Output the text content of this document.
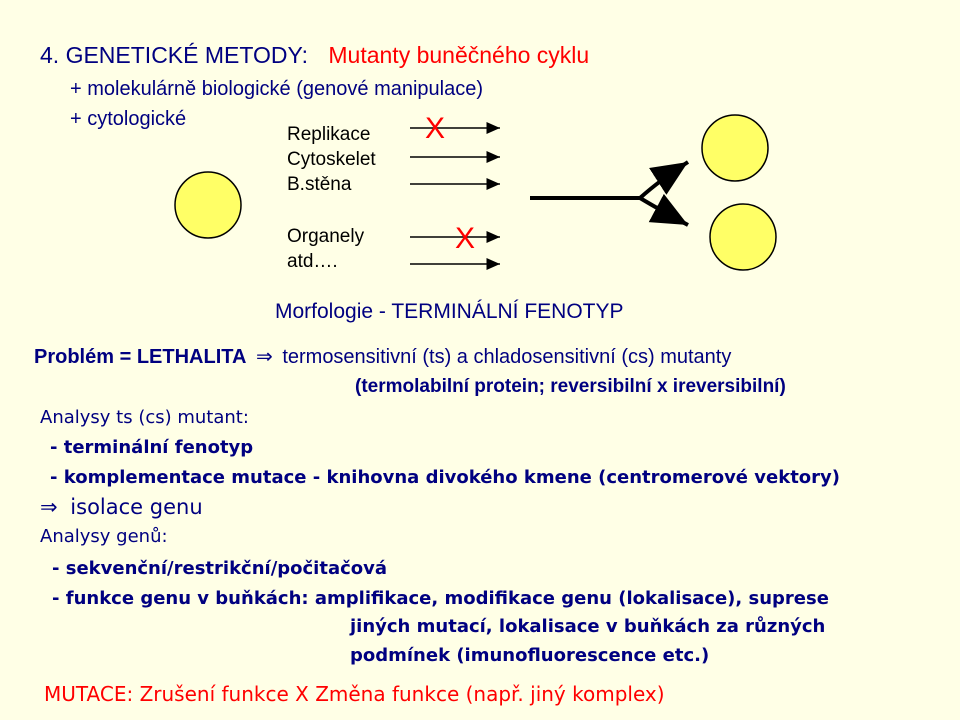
4. GENETICKÉ METODY: Mutanty buněčného cyklu
+ molekulárně biologické (genové manipulace)
+ cytologické
Replikace
Cytoskelet
B.stěna
Organely
atd….
X
X
Morfologie - TERMINÁLNÍ FENOTYP
Problém = LETHALITA ⇒ termosensitivní (ts) a chladosensitivní (cs) mutanty
(termolabilní protein; reversibilní x ireversibilní)
Analysy ts (cs) mutant:
- terminální fenotyp
- komplementace mutace - knihovna divokého kmene (centromerové vektory)
⇒ isolace genu
Analysy genů:
- sekvenční/restrikční/počitačová
- funkce genu v buňkách: amplifikace, modifikace genu (lokalisace), suprese
jiných mutací, lokalisace v buňkách za různých
podmínek (imunofluorescence etc.)
MUTACE: Zrušení funkce X Změna funkce (např. jiný komplex)
